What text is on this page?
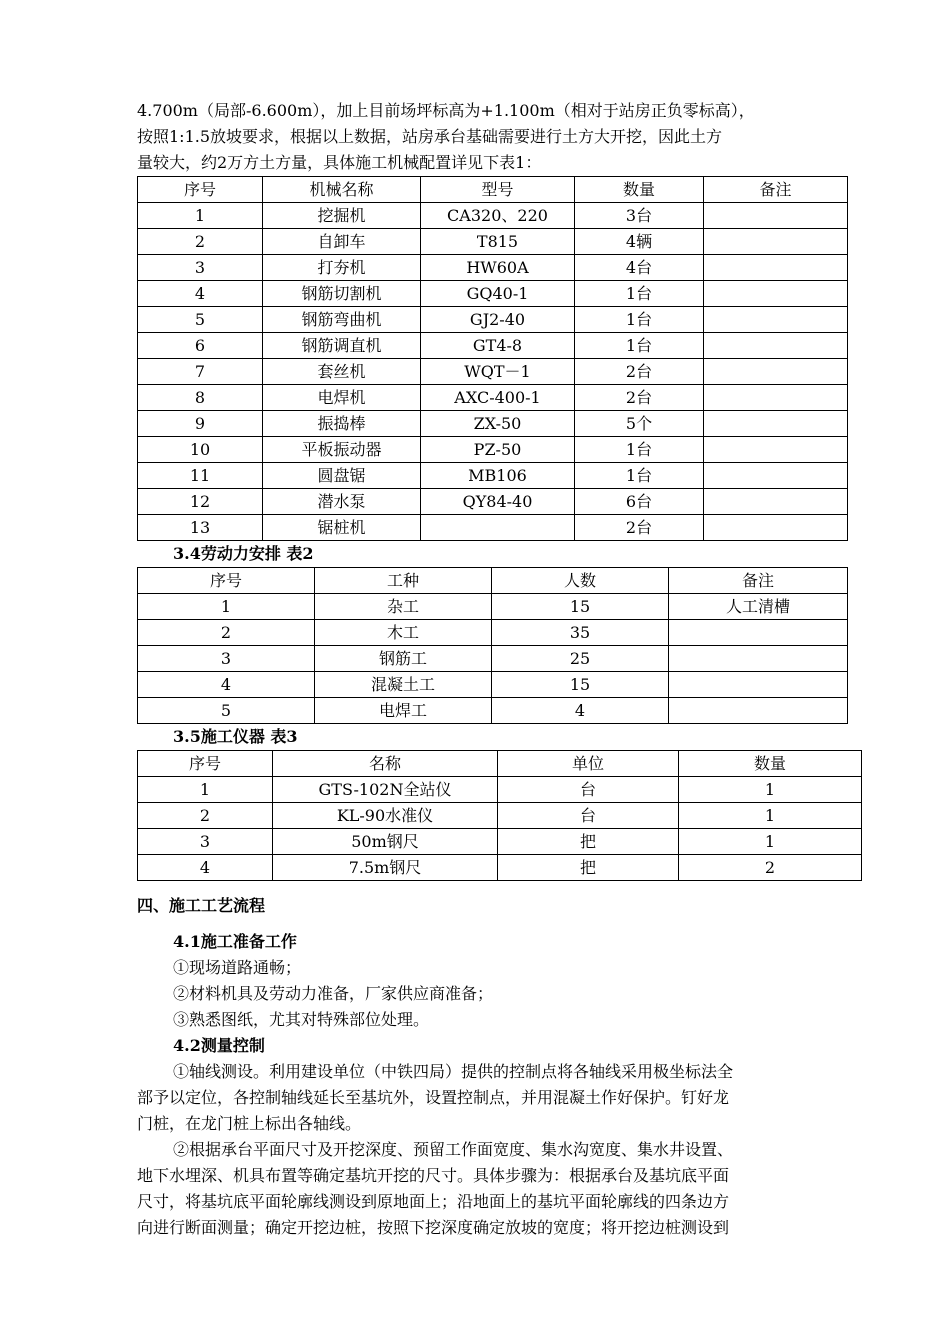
4.700m（局部-6.600m），加上目前场坪标高为+1.100m（相对于站房正负零标高），

按照1:1.5放坡要求，根据以上数据，站房承台基础需要进行土方大开挖，因此土方

量较大，约2万方土方量，具体施工机械配置详见下表1：

序号	机械名称	型号	数量	备注
1	挖掘机	CA320、220	3台	
2	自卸车	T815	4辆	
3	打夯机	HW60A	4台	
4	钢筋切割机	GQ40-1	1台	
5	钢筋弯曲机	GJ2-40	1台	
6	钢筋调直机	GT4-8	1台	
7	套丝机	WQT－1	2台	
8	电焊机	AXC-400-1	2台	
9	振捣棒	ZX-50	5个	
10	平板振动器	PZ-50	1台	
11	圆盘锯	MB106	1台	
12	潜水泵	QY84-40	6台	
13	锯桩机		2台	

3.4劳动力安排 表2

序号	工种	人数	备注
1	杂工	15	人工清槽
2	木工	35	
3	钢筋工	25	
4	混凝土工	15	
5	电焊工	4	

3.5施工仪器 表3

序号	名称	单位	数量
1	GTS-102N全站仪	台	1
2	KL-90水准仪	台	1
3	50m钢尺	把	1
4	7.5m钢尺	把	2

四、施工工艺流程

4.1施工准备工作

①现场道路通畅；

②材料机具及劳动力准备，厂家供应商准备；

③熟悉图纸，尤其对特殊部位处理。

4.2测量控制

①轴线测设。利用建设单位（中铁四局）提供的控制点将各轴线采用极坐标法全

部予以定位，各控制轴线延长至基坑外，设置控制点，并用混凝土作好保护。钉好龙

门桩，在龙门桩上标出各轴线。

②根据承台平面尺寸及开挖深度、预留工作面宽度、集水沟宽度、集水井设置、

地下水埋深、机具布置等确定基坑开挖的尺寸。具体步骤为：根据承台及基坑底平面

尺寸，将基坑底平面轮廓线测设到原地面上；沿地面上的基坑平面轮廓线的四条边方

向进行断面测量；确定开挖边桩，按照下挖深度确定放坡的宽度；将开挖边桩测设到
